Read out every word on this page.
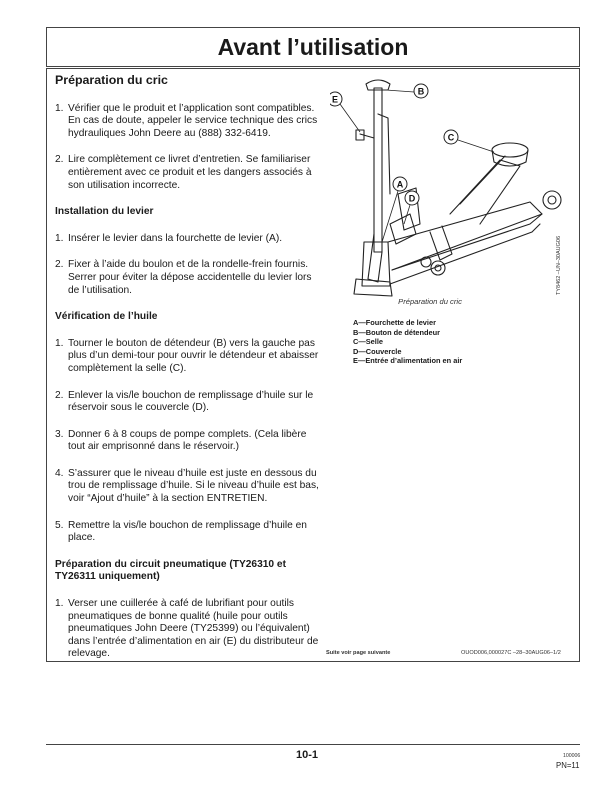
Avant l’utilisation
Préparation du cric
1. Vérifier que le produit et l’application sont compatibles. En cas de doute, appeler le service technique des crics hydrauliques John Deere au (888) 332-6419.
2. Lire complètement ce livret d’entretien. Se familiariser entièrement avec ce produit et les dangers associés à son utilisation incorrecte.
Installation du levier
1. Insérer le levier dans la fourchette de levier (A).
2. Fixer à l’aide du boulon et de la rondelle-frein fournis. Serrer pour éviter la dépose accidentelle du levier lors de l’utilisation.
Vérification de l’huile
1. Tourner le bouton de détendeur (B) vers la gauche pas plus d’un demi-tour pour ouvrir le détendeur et abaisser complètement la selle (C).
2. Enlever la vis/le bouchon de remplissage d’huile sur le réservoir sous le couvercle (D).
3. Donner 6 à 8 coups de pompe complets. (Cela libère tout air emprisonné dans le réservoir.)
4. S’assurer que le niveau d’huile est juste en dessous du trou de remplissage d’huile. Si le niveau d’huile est bas, voir “Ajout d’huile” à la section ENTRETIEN.
5. Remettre la vis/le bouchon de remplissage d’huile en place.
Préparation du circuit pneumatique (TY26310 et TY26311 uniquement)
1. Verser une cuillerée à café de lubrifiant pour outils pneumatiques de bonne qualité (huile pour outils pneumatiques John Deere (TY25399) ou l’équivalent) dans l’entrée d’alimentation en air (E) du distributeur de relevage.
B
E
C
A
D
TY8462 –UN–30AUG06
Préparation du cric
A—Fourchette de levier
B—Bouton de détendeur
C—Selle
D—Couvercle
E—Entrée d’alimentation en air
Suite voir page suivante	OUOD006,000027C –28–30AUG06–1/2
10-1	100006
PN=11
